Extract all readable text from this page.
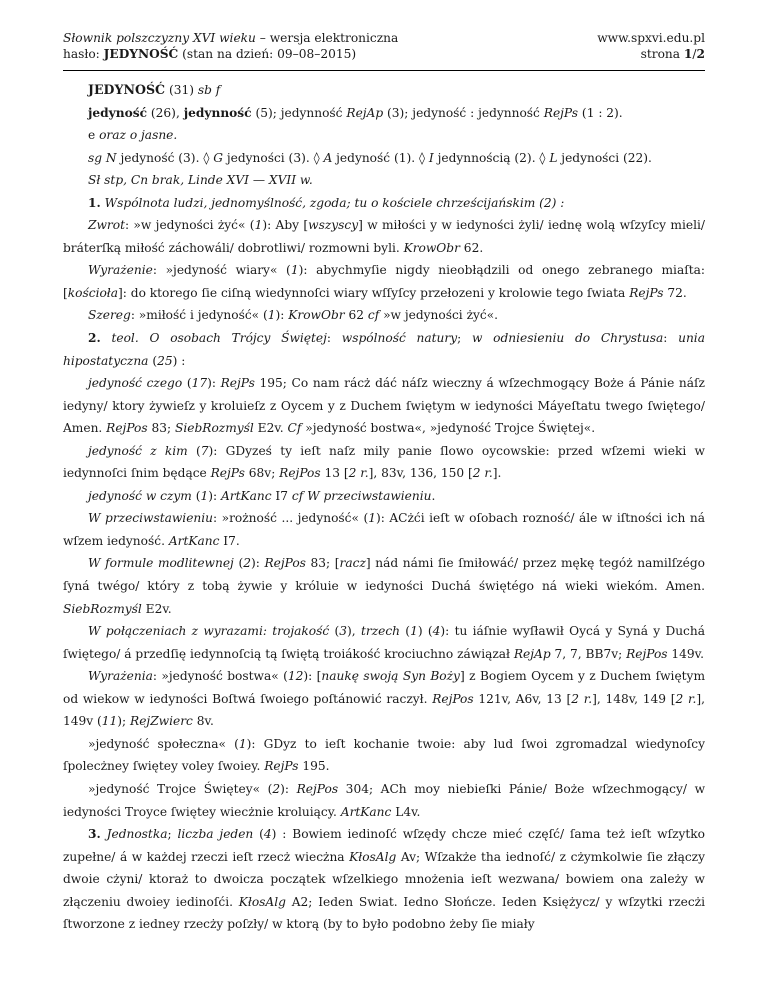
Słownik polszczyzny XVI wieku – wersja elektroniczna
hasło: JEDYNOŚĆ (stan na dzień: 09–08–2015)
www.spxvi.edu.pl
strona 1/2

JEDYNOŚĆ (31) sb f

jedyność (26), jedynność (5); jedynność RejAp (3); jedyność : jedynność RejPs (1 : 2).

e oraz o jasne.

sg N jedyność (3). ◊ G jedyności (3). ◊ A jedyność (1). ◊ I jedynnością (2). ◊ L jedyności (22).

Sł stp, Cn brak, Linde XVI — XVII w.

1. Wspólnota ludzi, jednomyślność, zgoda; tu o kościele chrześcijańskim (2) :

Zwrot: »w jedyności żyć« (1): Aby [wszyscy] w miłości y w iedyności żyli/ iednę wolą wſzyſcy mieli/ bráterſką miłość záchowáli/ dobrotliwi/ rozmowni byli. KrowObr 62.

Wyrażenie: »jedyność wiary« (1): abychmyſie nigdy nieobłądzili od onego zebranego miaſta: [kościoła]: do ktorego ſie ciſną wiedynnoſci wiary wſſyſcy przełozeni y krolowie tego ſwiata RejPs 72.

Szereg: »miłość i jedyność« (1): KrowObr 62 cf »w jedyności żyć«.

2. teol. O osobach Trójcy Świętej: wspólność natury; w odniesieniu do Chrystusa: unia hipostatyczna (25) :

jedyność czego (17): RejPs 195; Co nam rácż dáć náſz wieczny á wſzechmogący Boże á Pánie náſz iedyny/ ktory żywieſz y kroluieſz z Oycem y z Duchem ſwiętym w iedyności Máyeſtatu twego ſwiętego/ Amen. RejPos 83; SiebRozmyśl E2v. Cf »jedyność bostwa«, »jedyność Trojce Świętej«.

jedyność z kim (7): GDyześ ty ieſt naſz mily panie ſlowo oycowskie: przed wſzemi wieki w iedynnoſci ſnim będące RejPs 68v; RejPos 13 [2 r.], 83v, 136, 150 [2 r.].

jedyność w czym (1): ArtKanc I7 cf W przeciwstawieniu.

W przeciwstawieniu: »rożność ... jedyność« (1): ACżći ieſt w oſobach rozność/ ále w iſtności ich ná wſzem iedyność. ArtKanc I7.

W formule modlitewnej (2): RejPos 83; [racz] nád námi ſie ſmiłowáć/ przez mękę tegóż namilſzégo ſyná twégo/ który z tobą żywie y króluie w iedyności Duchá świętégo ná wieki wiekóm. Amen. SiebRozmyśl E2v.

W połączeniach z wyrazami: trojakość (3), trzech (1) (4): tu iáſnie wyſławił Oycá y Syná y Duchá ſwiętego/ á przedſię iedynnoſcią tą ſwiętą troiákość krociuchno záwiązał RejAp 7, 7, BB7v; RejPos 149v.

Wyrażenia: »jedyność bostwa« (12): [naukę swoją Syn Boży] z Bogiem Oycem y z Duchem ſwiętym od wiekow w iedyności Boſtwá ſwoiego poſtánowić raczył. RejPos 121v, A6v, 13 [2 r.], 148v, 149 [2 r.], 149v (11); RejZwierc 8v.

»jedyność społeczna« (1): GDyz to ieſt kochanie twoie: aby lud ſwoi zgromadzal wiedynoſcy ſpolecżney ſwiętey voley ſwoiey. RejPs 195.

»jedyność Trojce Świętey« (2): RejPos 304; ACh moy niebieſki Pánie/ Boże wſzechmogący/ w iedyności Troyce ſwiętey wiecżnie kroluiący. ArtKanc L4v.

3. Jednostka; liczba jeden (4) : Bowiem iedinoſć wſzędy chcze mieć częſć/ ſama też ieſt wſzytko zupełne/ á w każdej rzeczi ieſt rzecż wiecżna KłosAlg Av; Wſzakże tha iednoſć/ z cżymkolwie ſie złączy dwoie cżyni/ ktorаż to dwoicza początek wſzelkiego mnożenia ieſt wezwana/ bowiem ona zależy w złączeniu dwoiey iedinoſći. KłosAlg A2; Ieden Swiat. Iedno Słończe. Ieden Księżycz/ y wſzytki rzecżi ſtworzone z iedney rzecży poſzły/ w ktorą (by to było podobno żeby ſie miały
